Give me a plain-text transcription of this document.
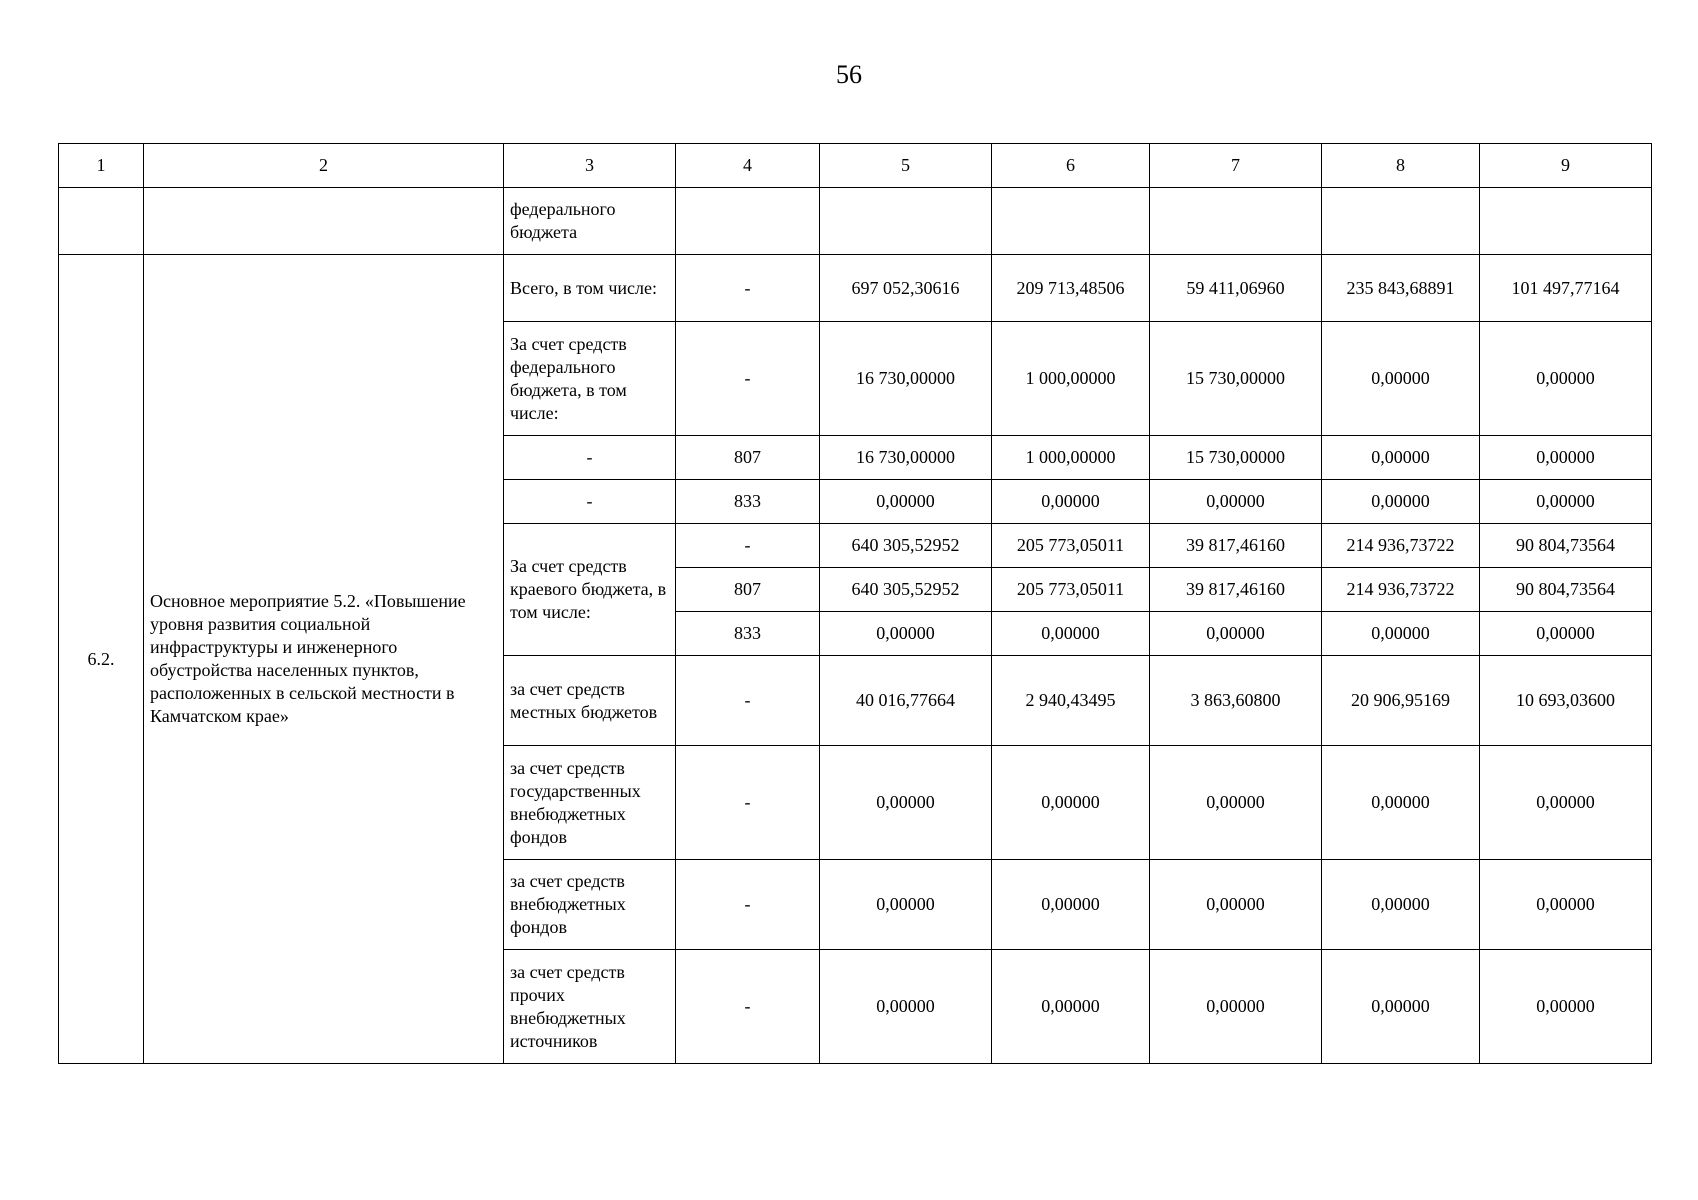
56
1	2	3	4	5	6	7	8	9
		федерального бюджета						
6.2.	Основное мероприятие 5.2. «Повышение уровня развития социальной инфраструктуры и инженерного обустройства населенных пунктов, расположенных в сельской местности в Камчатском крае»	Всего, в том числе:	-	697 052,30616	209 713,48506	59 411,06960	235 843,68891	101 497,77164
		За счет средств федерального бюджета, в том числе:	-	16 730,00000	1 000,00000	15 730,00000	0,00000	0,00000
		-	807	16 730,00000	1 000,00000	15 730,00000	0,00000	0,00000
		-	833	0,00000	0,00000	0,00000	0,00000	0,00000
		За счет средств краевого бюджета, в том числе:	-	640 305,52952	205 773,05011	39 817,46160	214 936,73722	90 804,73564
			807	640 305,52952	205 773,05011	39 817,46160	214 936,73722	90 804,73564
			833	0,00000	0,00000	0,00000	0,00000	0,00000
		за счет средств местных бюджетов	-	40 016,77664	2 940,43495	3 863,60800	20 906,95169	10 693,03600
		за счет средств государственных внебюджетных фондов	-	0,00000	0,00000	0,00000	0,00000	0,00000
		за счет средств внебюджетных фондов	-	0,00000	0,00000	0,00000	0,00000	0,00000
		за счет средств прочих внебюджетных источников	-	0,00000	0,00000	0,00000	0,00000	0,00000
